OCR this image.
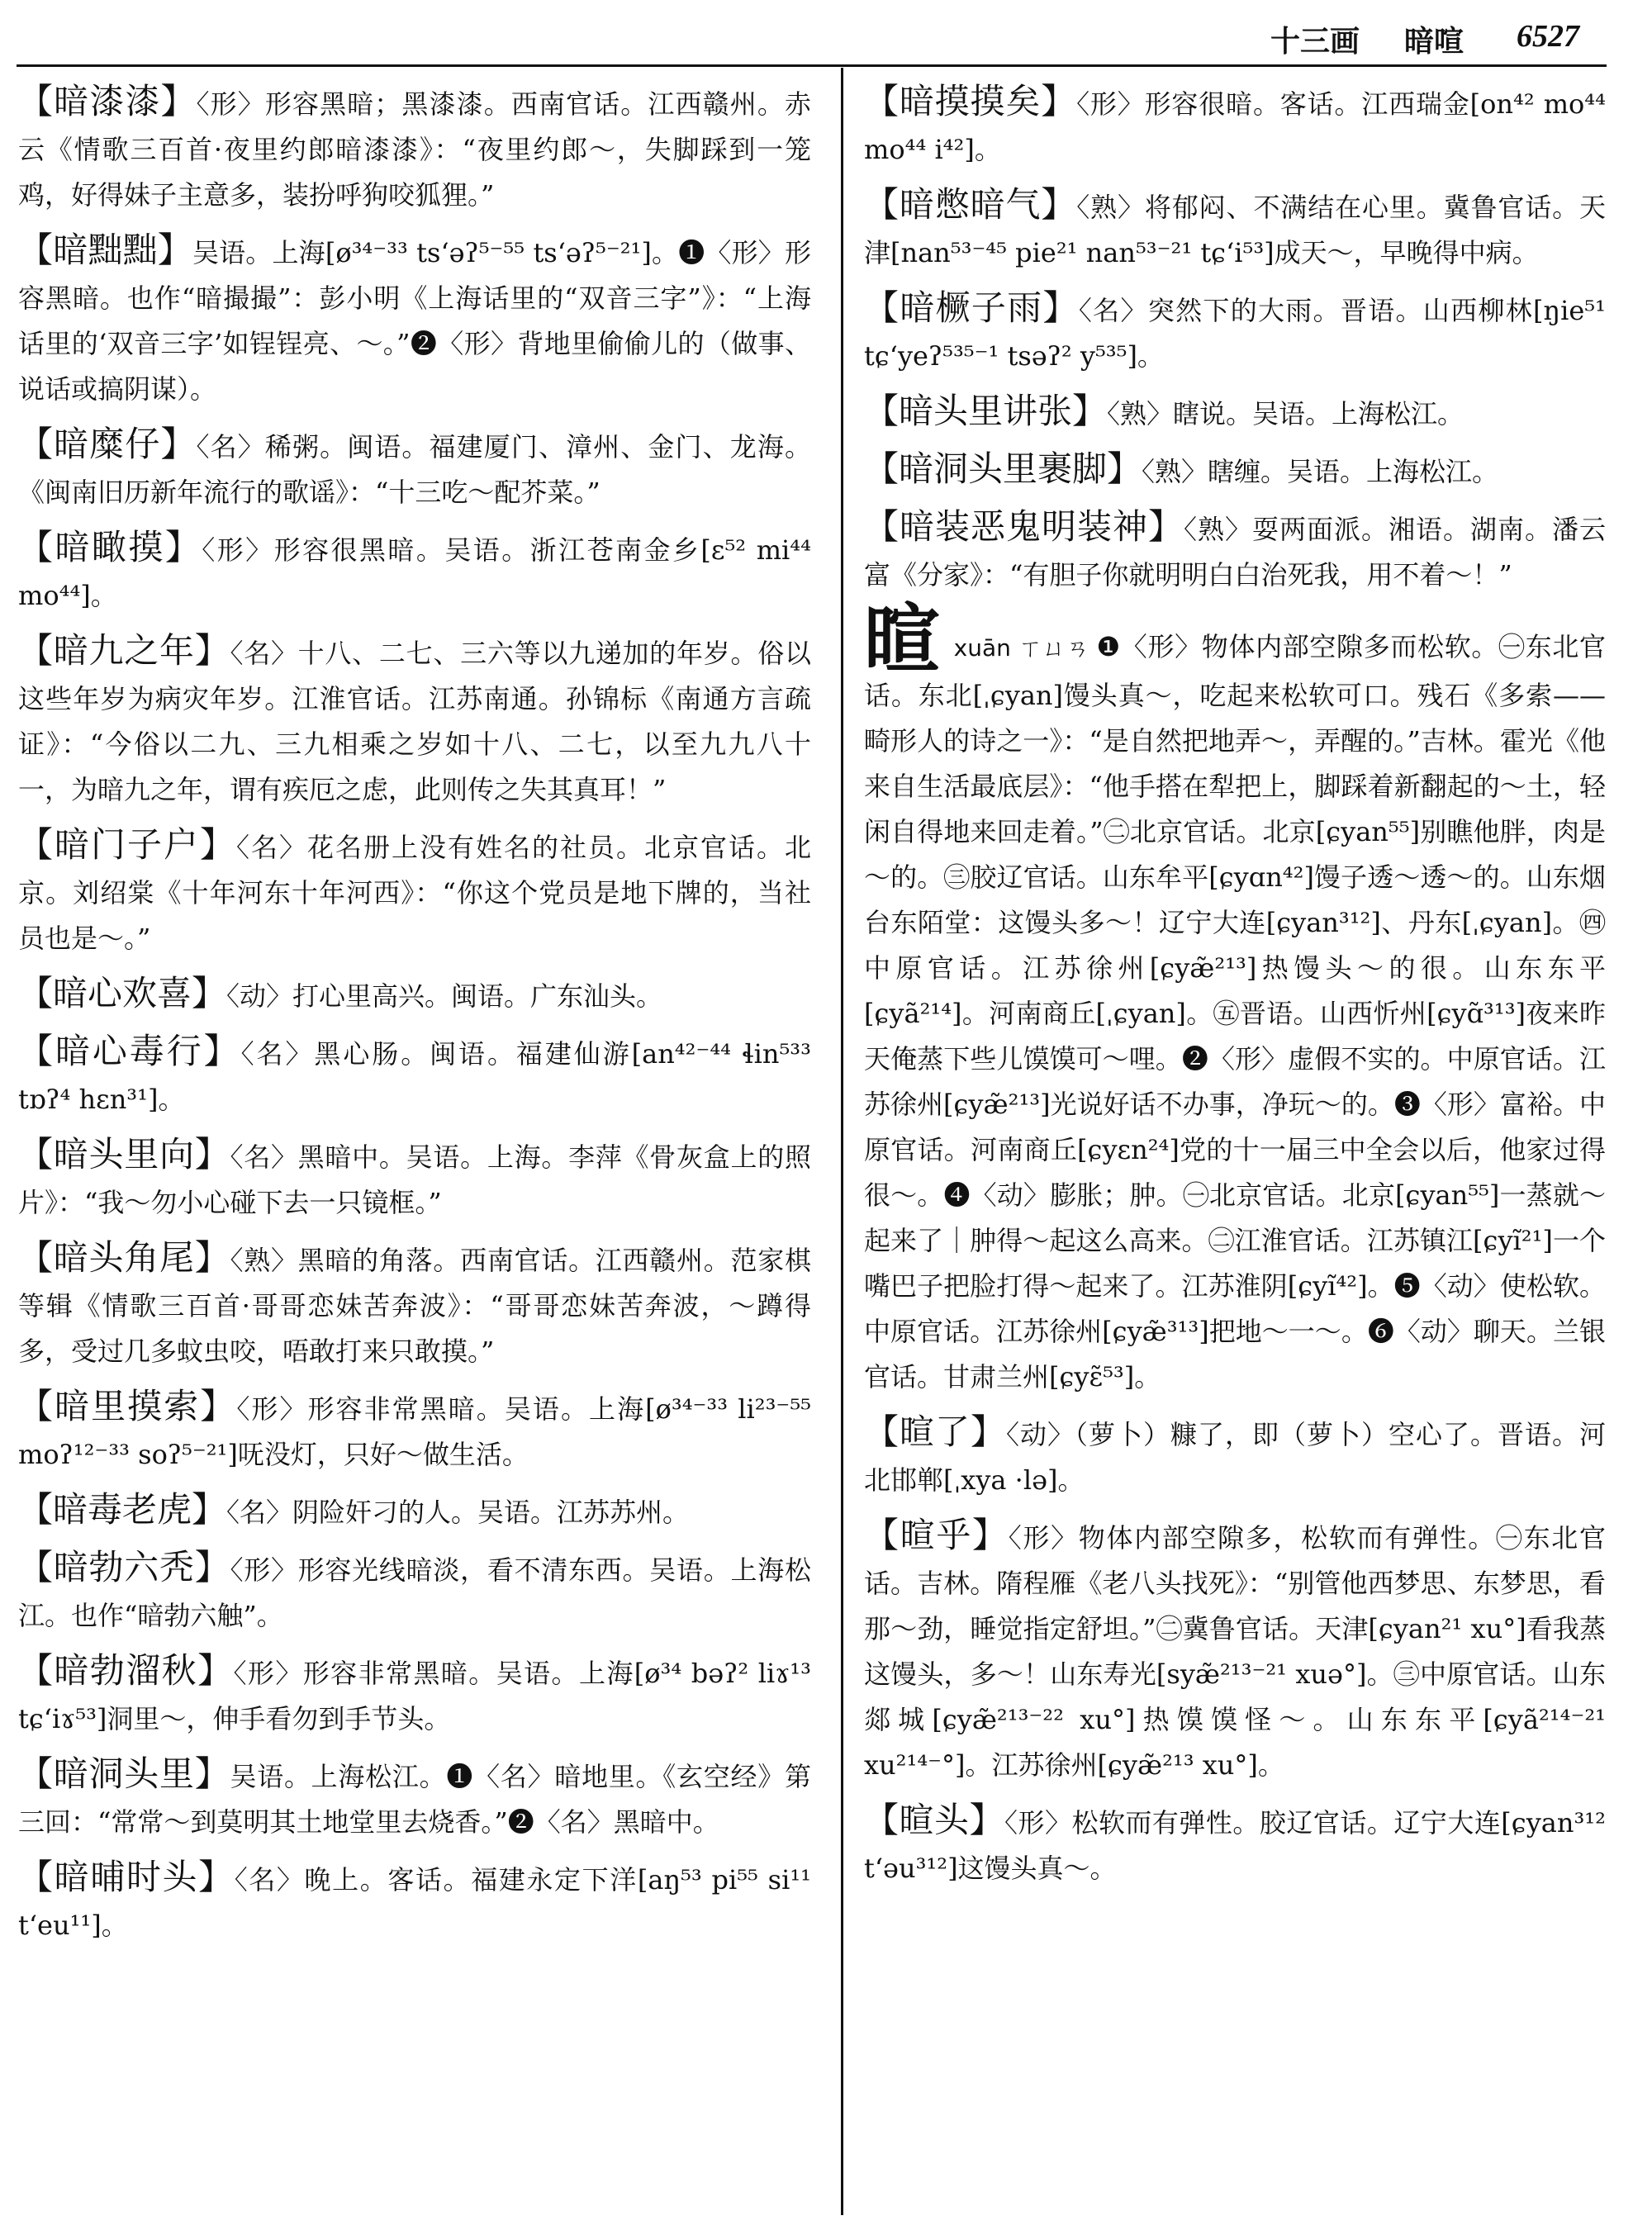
十三画 暗喧 6527
【暗漆漆】〈形〉形容黑暗；黑漆漆。西南官话。江西赣州。赤云《情歌三百首·夜里约郎暗漆漆》：“夜里约郎～，失脚踩到一笼鸡，好得妹子主意多，装扮呼狗咬狐狸。”
【暗黜黜】吴语。上海[ø³⁴⁻³³ ts‘əʔ⁵⁻⁵⁵ ts‘əʔ⁵⁻²¹]。❶〈形〉形容黑暗。也作“暗撮撮”：彭小明《上海话里的“双音三字”》：“上海话里的‘双音三字’如锃锃亮、～。”❷〈形〉背地里偷偷儿的（做事、说话或搞阴谋）。
【暗糜仔】〈名〉稀粥。闽语。福建厦门、漳州、金门、龙海。《闽南旧历新年流行的歌谣》：“十三吃～配芥菜。”
【暗瞰摸】〈形〉形容很黑暗。吴语。浙江苍南金乡[ɛ⁵² mi⁴⁴ mo⁴⁴]。
【暗九之年】〈名〉十八、二七、三六等以九递加的年岁。俗以这些年岁为病灾年岁。江淮官话。江苏南通。孙锦标《南通方言疏证》：“今俗以二九、三九相乘之岁如十八、二七，以至九九八十一，为暗九之年，谓有疾厄之虑，此则传之失其真耳！”
【暗门子户】〈名〉花名册上没有姓名的社员。北京官话。北京。刘绍棠《十年河东十年河西》：“你这个党员是地下牌的，当社员也是～。”
【暗心欢喜】〈动〉打心里高兴。闽语。广东汕头。
【暗心毒行】〈名〉黑心肠。闽语。福建仙游[an⁴²⁻⁴⁴ ɬin⁵³³ tɒʔ⁴ hɛn³¹]。
【暗头里向】〈名〉黑暗中。吴语。上海。李萍《骨灰盒上的照片》：“我～勿小心碰下去一只镜框。”
【暗头角尾】〈熟〉黑暗的角落。西南官话。江西赣州。范家棋等辑《情歌三百首·哥哥恋妹苦奔波》：“哥哥恋妹苦奔波，～蹲得多，受过几多蚊虫咬，唔敢打来只敢摸。”
【暗里摸索】〈形〉形容非常黑暗。吴语。上海[ø³⁴⁻³³ li²³⁻⁵⁵ moʔ¹²⁻³³ soʔ⁵⁻²¹]呒没灯，只好～做生活。
【暗毒老虎】〈名〉阴险奸刁的人。吴语。江苏苏州。
【暗勃六秃】〈形〉形容光线暗淡，看不清东西。吴语。上海松江。也作“暗勃六触”。
【暗勃溜秋】〈形〉形容非常黑暗。吴语。上海[ø³⁴ bəʔ² liɤ¹³ tɕ‘iɤ⁵³]洞里～，伸手看勿到手节头。
【暗洞头里】吴语。上海松江。❶〈名〉暗地里。《玄空经》第三回：“常常～到莫明其土地堂里去烧香。”❷〈名〉黑暗中。
【暗晡时头】〈名〉晚上。客话。福建永定下洋[aŋ⁵³ pi⁵⁵ si¹¹ t‘eu¹¹]。
【暗摸摸矣】〈形〉形容很暗。客话。江西瑞金[on⁴² mo⁴⁴ mo⁴⁴ i⁴²]。
【暗憋暗气】〈熟〉将郁闷、不满结在心里。冀鲁官话。天津[nan⁵³⁻⁴⁵ pie²¹ nan⁵³⁻²¹ tɕ‘i⁵³]成天～，早晚得中病。
【暗橛子雨】〈名〉突然下的大雨。晋语。山西柳林[ŋie⁵¹ tɕ‘yeʔ⁵³⁵⁻¹ tsəʔ² y⁵³⁵]。
【暗头里讲张】〈熟〉瞎说。吴语。上海松江。
【暗洞头里裹脚】〈熟〉瞎缠。吴语。上海松江。
【暗装恶鬼明装神】〈熟〉耍两面派。湘语。湖南。潘云富《分家》：“有胆子你就明明白白治死我，用不着～！”
暄xuān ㄒㄩㄢ ❶〈形〉物体内部空隙多而松软。㊀东北官话。东北[ˌɕyan]馒头真～，吃起来松软可口。残石《多索——畸形人的诗之一》：“是自然把地弄～，弄醒的。”吉林。霍光《他来自生活最底层》：“他手搭在犁把上，脚踩着新翻起的～土，轻闲自得地来回走着。”㊁北京官话。北京[ɕyan⁵⁵]别瞧他胖，肉是～的。㊂胶辽官话。山东牟平[ɕyɑn⁴²]馒子透～透～的。山东烟台东陌堂：这馒头多～！辽宁大连[ɕyan³¹²]、丹东[ˌɕyan]。㊃中原官话。江苏徐州[ɕyæ̃²¹³]热馒头～的很。山东东平[ɕyã²¹⁴]。河南商丘[ˌɕyan]。㊄晋语。山西忻州[ɕyɑ̃³¹³]夜来昨天俺蒸下些儿馍馍可～哩。❷〈形〉虚假不实的。中原官话。江苏徐州[ɕyæ̃²¹³]光说好话不办事，净玩～的。❸〈形〉富裕。中原官话。河南商丘[ɕyɛn²⁴]党的十一届三中全会以后，他家过得很～。❹〈动〉膨胀；肿。㊀北京官话。北京[ɕyan⁵⁵]一蒸就～起来了｜肿得～起这么高来。㊁江淮官话。江苏镇江[ɕyĩ²¹]一个嘴巴子把脸打得～起来了。江苏淮阴[ɕyĩ⁴²]。❺〈动〉使松软。中原官话。江苏徐州[ɕyæ̃³¹³]把地～一～。❻〈动〉聊天。兰银官话。甘肃兰州[ɕyɛ̃⁵³]。
【暄了】〈动〉（萝卜）糠了，即（萝卜）空心了。晋语。河北邯郸[ˌxya ·lə]。
【暄乎】〈形〉物体内部空隙多，松软而有弹性。㊀东北官话。吉林。隋程雁《老八头找死》：“别管他西梦思、东梦思，看那～劲，睡觉指定舒坦。”㊁冀鲁官话。天津[ɕyan²¹ xu°]看我蒸这馒头，多～！山东寿光[syæ̃²¹³⁻²¹ xuə°]。㊂中原官话。山东郯城[ɕyæ̃²¹³⁻²² xu°]热馍馍怪～。山东东平[ɕyã²¹⁴⁻²¹ xu²¹⁴⁻°]。江苏徐州[ɕyæ̃²¹³ xu°]。
【暄头】〈形〉松软而有弹性。胶辽官话。辽宁大连[ɕyan³¹² t‘əu³¹²]这馒头真～。
